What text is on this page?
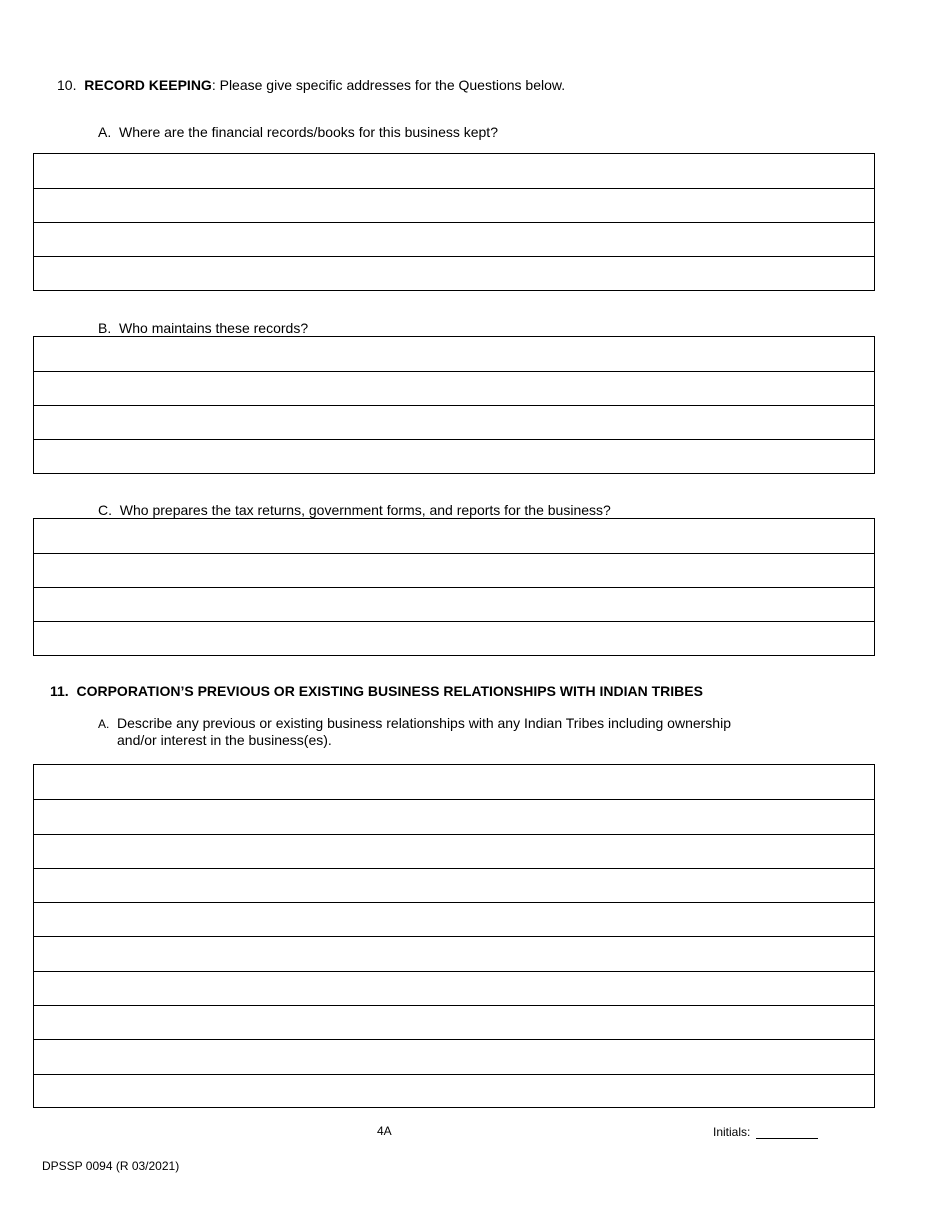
10. RECORD KEEPING: Please give specific addresses for the Questions below.
A. Where are the financial records/books for this business kept?
B. Who maintains these records?
C. Who prepares the tax returns, government forms, and reports for the business?
11. CORPORATION’S PREVIOUS OR EXISTING BUSINESS RELATIONSHIPS WITH INDIAN TRIBES
A. Describe any previous or existing business relationships with any Indian Tribes including ownership
and/or interest in the business(es).
4A	Initials:
DPSSP 0094 (R 03/2021)
